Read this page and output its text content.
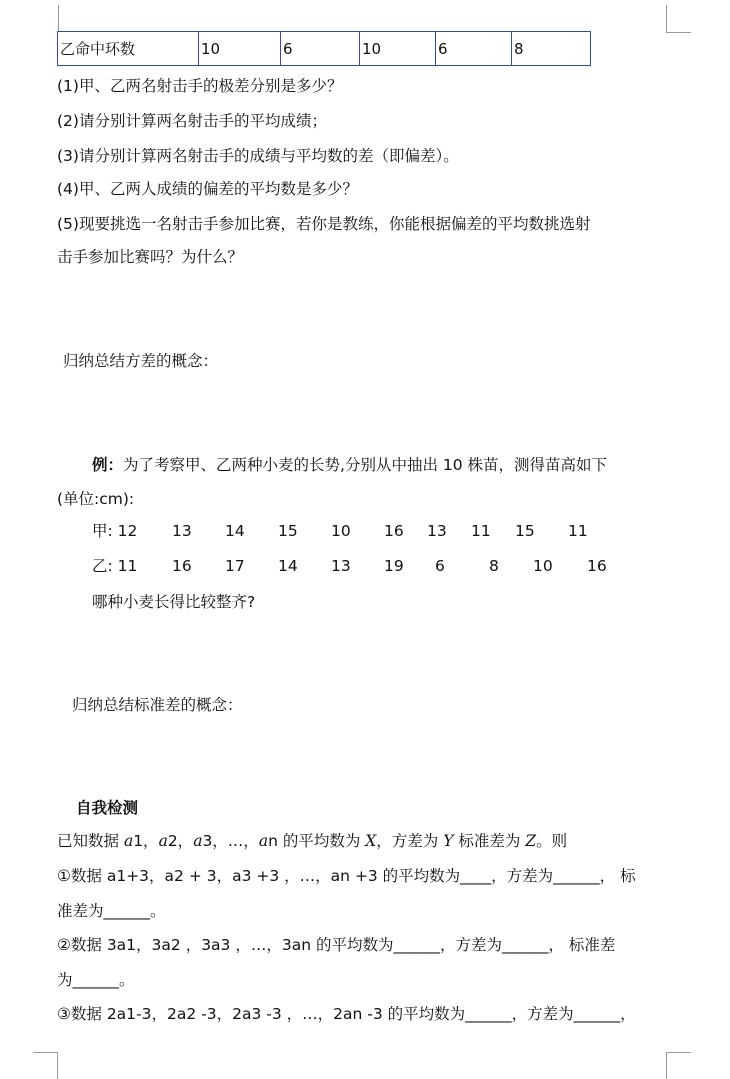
乙命中环数	10	6	10	6	8
(1)甲、乙两名射击手的极差分别是多少？
(2)请分别计算两名射击手的平均成绩；
(3)请分别计算两名射击手的成绩与平均数的差（即偏差）。
(4)甲、乙两人成绩的偏差的平均数是多少？
(5)现要挑选一名射击手参加比赛，若你是教练，你能根据偏差的平均数挑选射
击手参加比赛吗？为什么？
归纳总结方差的概念：
例：为了考察甲、乙两种小麦的长势,分别从中抽出 10 株苗，测得苗高如下
(单位:cm):
甲: 12 13 14 15 10 16 13 11 15 11
乙: 11 16 17 14 13 19 6	8 10 16
哪种小麦长得比较整齐?
归纳总结标准差的概念：
自我检测
已知数据 a1，a2，a3，…，an 的平均数为 X，方差为 Y 标准差为 Z。则
①数据 a1+3，a2 + 3，a3 +3 ，…，an +3 的平均数为____，方差为______， 标
准差为______。
②数据 3a1，3a2 ，3a3 ，…，3an 的平均数为______，方差为______， 标准差
为______。
③数据 2a1-3，2a2 -3，2a3 -3 ，…，2an -3 的平均数为______，方差为______，
